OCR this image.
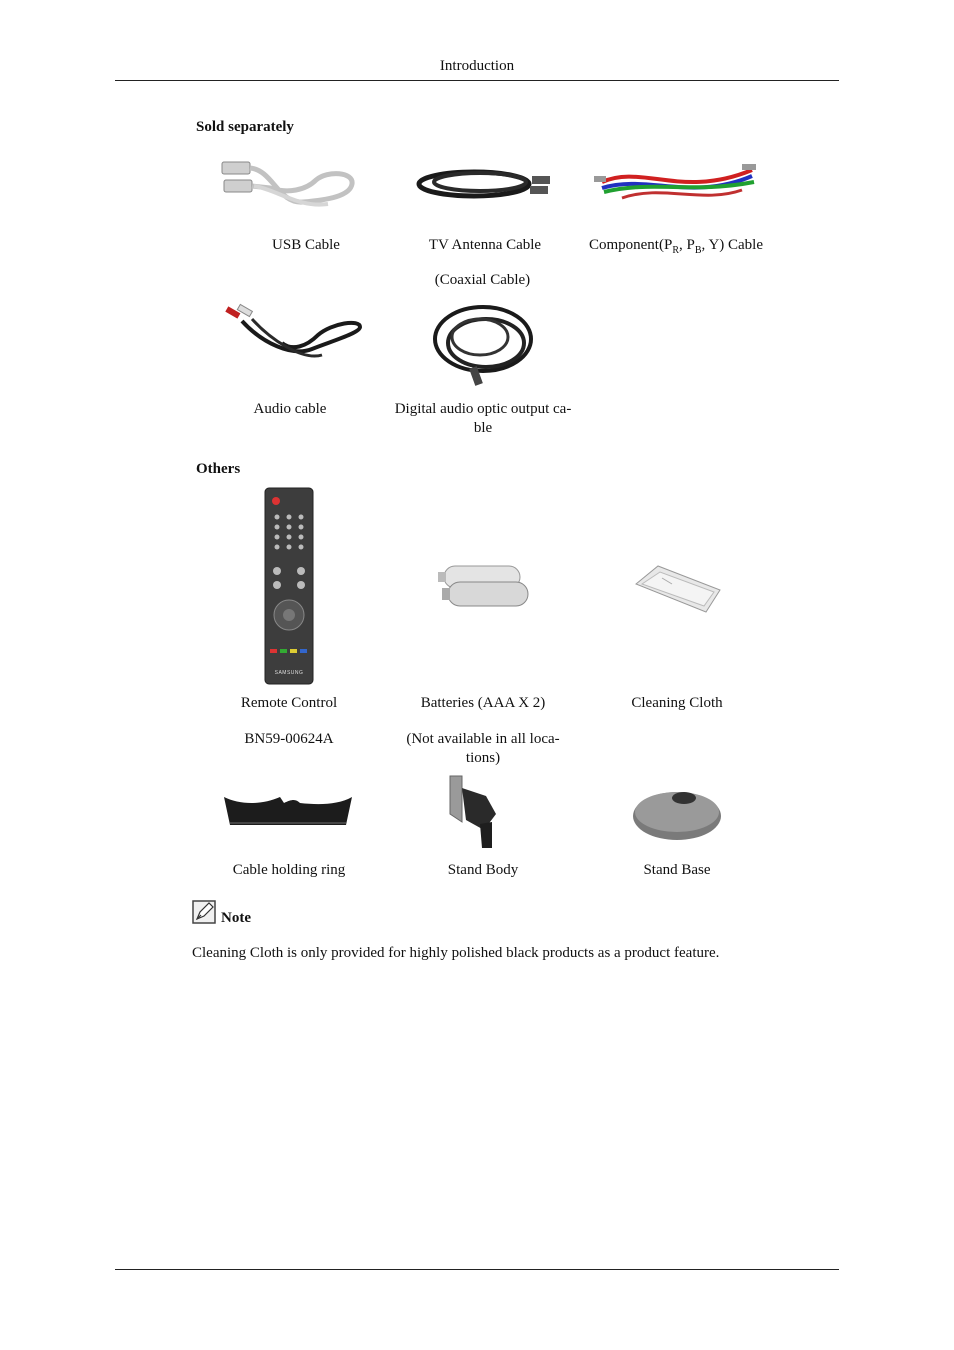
Introduction
Sold separately
USB Cable	TV Antenna Cable
(Coaxial Cable)
$Component(P_R$, $P_B$, Y) Cable
Audio cable	Digital audio optic output ca-
ble
Others
SAMSUNG
Remote Control
BN59-00624A
Batteries (AAA X 2)
(Not available in all loca-
tions)
Cleaning Cloth
Cable holding ring	Stand Body	Stand Base
Note
Cleaning Cloth is only provided for highly polished black products as a product feature.
